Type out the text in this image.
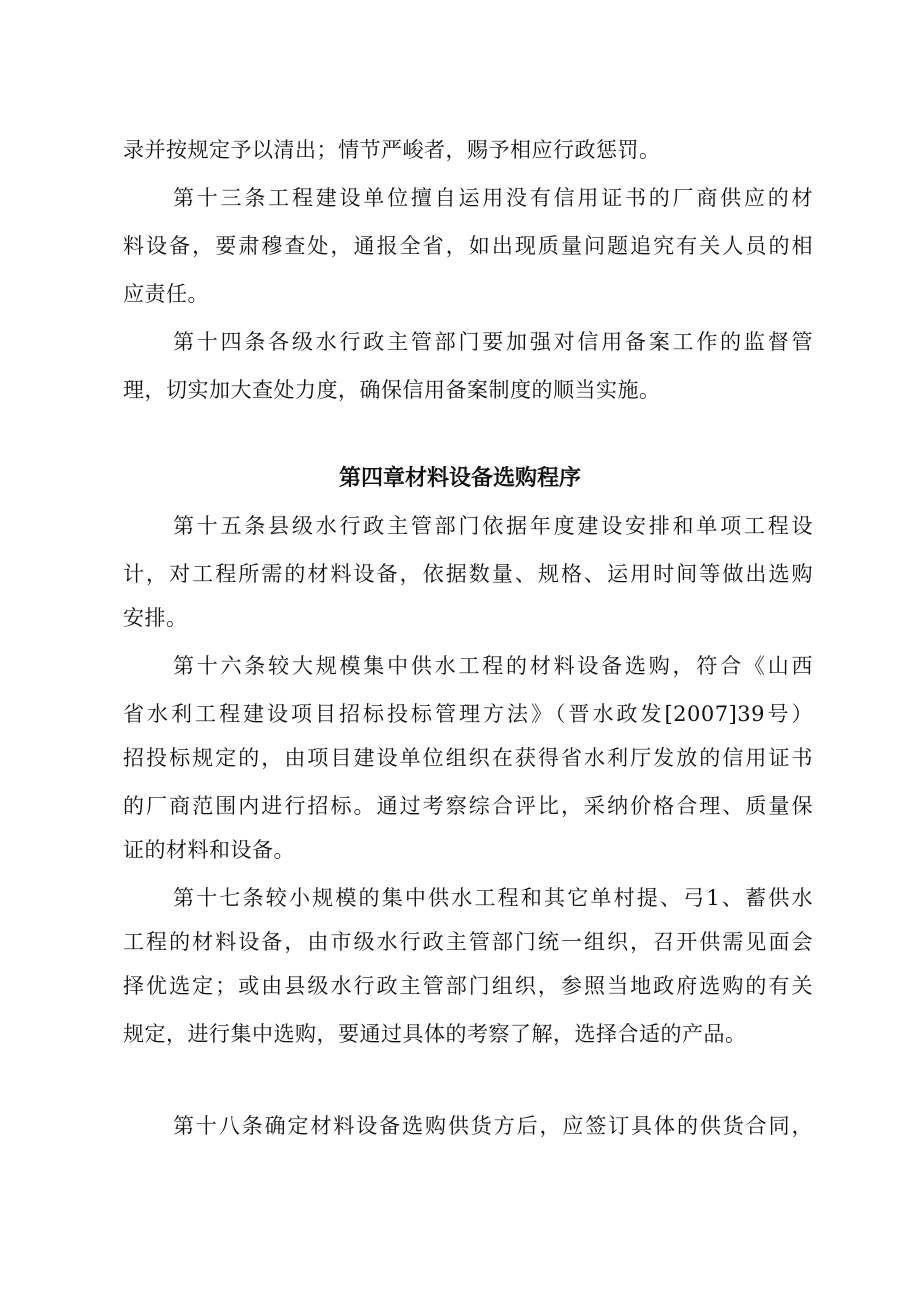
录并按规定予以清出；情节严峻者，赐予相应行政惩罚。
第十三条工程建设单位擅自运用没有信用证书的厂商供应的材
料设备，要肃穆查处，通报全省，如出现质量问题追究有关人员的相
应责任。
第十四条各级水行政主管部门要加强对信用备案工作的监督管
理，切实加大查处力度，确保信用备案制度的顺当实施。
第四章材料设备选购程序
第十五条县级水行政主管部门依据年度建设安排和单项工程设
计，对工程所需的材料设备，依据数量、规格、运用时间等做出选购
安排。
第十六条较大规模集中供水工程的材料设备选购，符合《山西
省水利工程建设项目招标投标管理方法》（晋水政发[2007]39号）
招投标规定的，由项目建设单位组织在获得省水利厅发放的信用证书
的厂商范围内进行招标。通过考察综合评比，采纳价格合理、质量保
证的材料和设备。
第十七条较小规模的集中供水工程和其它单村提、弓1、蓄供水
工程的材料设备，由市级水行政主管部门统一组织，召开供需见面会
择优选定；或由县级水行政主管部门组织，参照当地政府选购的有关
规定，进行集中选购，要通过具体的考察了解，选择合适的产品。
第十八条确定材料设备选购供货方后，应签订具体的供货合同，
